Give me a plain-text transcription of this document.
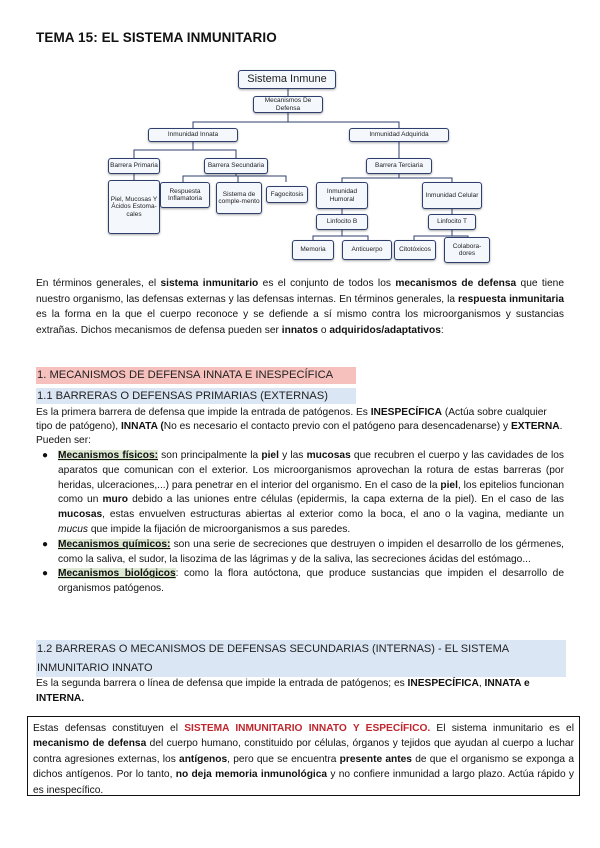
TEMA 15: EL SISTEMA INMUNITARIO
Sistema Inmune
Mecanismos De Defensa
Inmunidad Innata	Inmunidad Adquirida
Barrera Primaria	Barrera Secundaria	Barrera Terciaria
Piel, Mucosas Y Ácidos Estoma-cales
Respuesta Inflamatoria
Sistema de comple-mento
Fagocitosis	Inmunidad Humoral
Inmunidad Celular
Linfocito B	Linfocito T
Memoria	Anticuerpo	Citotóxicos
Colabora-dores
En términos generales, el sistema inmunitario es el conjunto de todos los mecanismos de defensa que tiene nuestro organismo, las defensas externas y las defensas internas. En términos generales, la respuesta inmunitaria es la forma en la que el cuerpo reconoce y se defiende a sí mismo contra los microorganismos y sustancias extrañas. Dichos mecanismos de defensa pueden ser innatos o adquiridos/adaptativos:
1. MECANISMOS DE DEFENSA INNATA E INESPECÍFICA
1.1 BARRERAS O DEFENSAS PRIMARIAS (EXTERNAS)
Es la primera barrera de defensa que impide la entrada de patógenos. Es INESPECÍFICA (Actúa sobre cualquier tipo de patógeno), INNATA (No es necesario el contacto previo con el patógeno para desencadenarse) y EXTERNA. Pueden ser:
● Mecanismos físicos: son principalmente la piel y las mucosas que recubren el cuerpo y las cavidades de los aparatos que comunican con el exterior. Los microorganismos aprovechan la rotura de estas barreras (por heridas, ulceraciones,...) para penetrar en el interior del organismo. En el caso de la piel, los epitelios funcionan como un muro debido a las uniones entre células (epidermis, la capa externa de la piel). En el caso de las mucosas, estas envuelven estructuras abiertas al exterior como la boca, el ano o la vagina, mediante un mucus que impide la fijación de microorganismos a sus paredes.
● Mecanismos químicos: son una serie de secreciones que destruyen o impiden el desarrollo de los gérmenes, como la saliva, el sudor, la lisozima de las lágrimas y de la saliva, las secreciones ácidas del estómago...
● Mecanismos biológicos: como la flora autóctona, que produce sustancias que impiden el desarrollo de organismos patógenos.
1.2 BARRERAS O MECANISMOS DE DEFENSAS SECUNDARIAS (INTERNAS) - EL SISTEMA INMUNITARIO INNATO
Es la segunda barrera o línea de defensa que impide la entrada de patógenos; es INESPECÍFICA, INNATA e INTERNA.
Estas defensas constituyen el SISTEMA INMUNITARIO INNATO Y ESPECÍFICO. El sistema inmunitario es el mecanismo de defensa del cuerpo humano, constituido por células, órganos y tejidos que ayudan al cuerpo a luchar contra agresiones externas, los antígenos, pero que se encuentra presente antes de que el organismo se exponga a dichos antígenos. Por lo tanto, no deja memoria inmunológica y no confiere inmunidad a largo plazo. Actúa rápido y es inespecífico.
